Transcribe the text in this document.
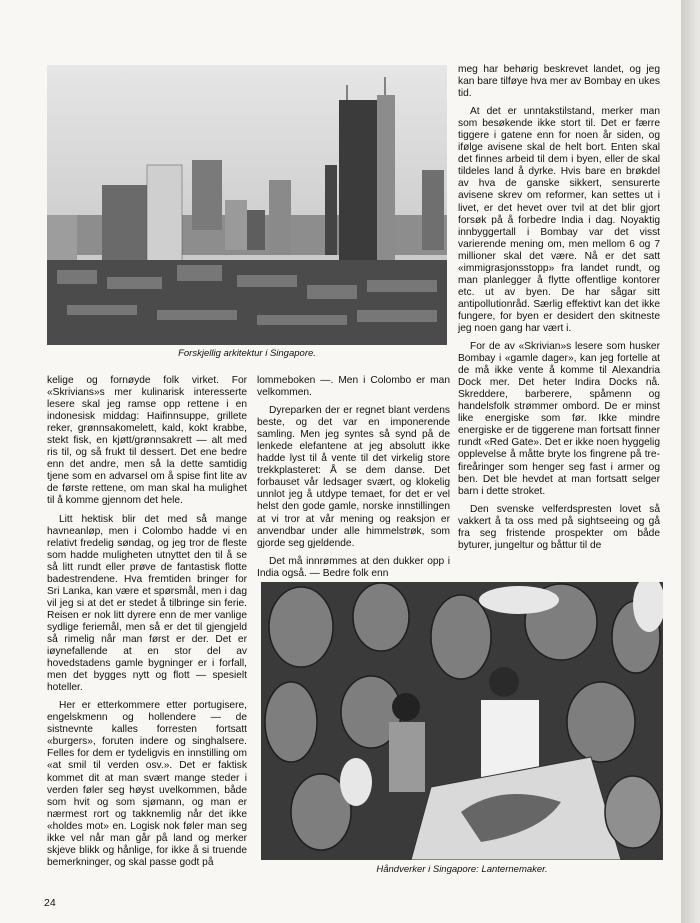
Forskjellig arkitektur i Singapore.

meg har behørig beskrevet landet, og jeg kan bare tilføye hva mer av Bombay en ukes tid.

At det er unntakstilstand, merker man som besøkende ikke stort til. Det er færre tiggere i gatene enn for noen år siden, og ifølge avisene skal de helt bort. Enten skal det finnes arbeid til dem i byen, eller de skal tildeles land å dyrke. Hvis bare en brøkdel av hva de ganske sikkert, sensurerte avisene skrev om reformer, kan settes ut i livet, er det hevet over tvil at det blir gjort forsøk på å forbedre India i dag. Noyaktig innbyggertall i Bombay var det visst varierende mening om, men mellom 6 og 7 millioner skal det være. Nå er det satt «immigrasjonsstopp» fra landet rundt, og man planlegger å flytte offentlige kontorer etc. ut av byen. De har sågar sitt antipollutionråd. Særlig effektivt kan det ikke fungere, for byen er desidert den skitneste jeg noen gang har vært i.

For de av «Skrivian»s lesere som husker Bombay i «gamle dager», kan jeg fortelle at de må ikke vente å komme til Alexandria Dock mer. Det heter Indira Docks nå. Skreddere, barberere, spåmenn og handelsfolk strømmer ombord. De er minst like energiske som før. Ikke mindre energiske er de tiggerene man fortsatt finner rundt «Red Gate». Det er ikke noen hyggelig opplevelse å måtte bryte los fingrene på tre-fireåringer som henger seg fast i armer og ben. Det ble hevdet at man fortsatt selger barn i dette stroket.

Den svenske velferdspresten lovet så vakkert å ta oss med på sightseeing og gå fra seg fristende prospekter om både byturer, jungeltur og båttur til de

kelige og fornøyde folk virket. For «Skrivians»s mer kulinarisk interesserte lesere skal jeg ramse opp rettene i en indonesisk middag: Haifinnsuppe, grillete reker, grønnsakomelett, kald, kokt krabbe, stekt fisk, en kjøtt/grønnsakrett — alt med ris til, og så frukt til dessert. Det ene bedre enn det andre, men så la dette samtidig tjene som en advarsel om å spise fint lite av de første rettene, om man skal ha mulighet til å komme gjennom det hele.

Litt hektisk blir det med så mange havneanløp, men i Colombo hadde vi en relativt fredelig søndag, og jeg tror de fleste som hadde muligheten utnyttet den til å se så litt rundt eller prøve de fantastisk flotte badestrendene. Hva fremtiden bringer for Sri Lanka, kan være et spørsmål, men i dag vil jeg si at det er stedet å tilbringe sin ferie. Reisen er nok litt dyrere enn de mer vanlige sydlige feriemål, men så er det til gjengjeld så rimelig når man først er der. Det er iøynefallende at en stor del av hovedstadens gamle bygninger er i forfall, men det bygges nytt og flott — spesielt hoteller.

Her er etterkommere etter portugisere, engelskmenn og hollendere — de sistnevnte kalles forresten fortsatt «burgers», foruten indere og singhalsere. Felles for dem er tydeligvis en innstilling om «at smil til verden osv.». Det er faktisk kommet dit at man svært mange steder i verden føler seg høyst uvelkommen, både som hvit og som sjømann, og man er nærmest rort og takknemlig når det ikke «holdes mot» en. Logisk nok føler man seg ikke vel når man går på land og merker skjeve blikk og hånlige, for ikke å si truende bemerkninger, og skal passe godt på

lommeboken —. Men i Colombo er man velkommen.

Dyreparken der er regnet blant verdens beste, og det var en imponerende samling. Men jeg syntes så synd på de lenkede elefantene at jeg absolutt ikke hadde lyst til å vente til det virkelig store trekkplasteret: Å se dem danse. Det forbauset vår ledsager svært, og klokelig unnlot jeg å utdype temaet, for det er vel helst den gode gamle, norske innstillingen at vi tror at vår mening og reaksjon er anvendbar under alle himmelstrøk, som gjorde seg gjeldende.

Det må innrømmes at den dukker opp i India også. — Bedre folk enn

Håndverker i Singapore: Lanternemaker.
24
